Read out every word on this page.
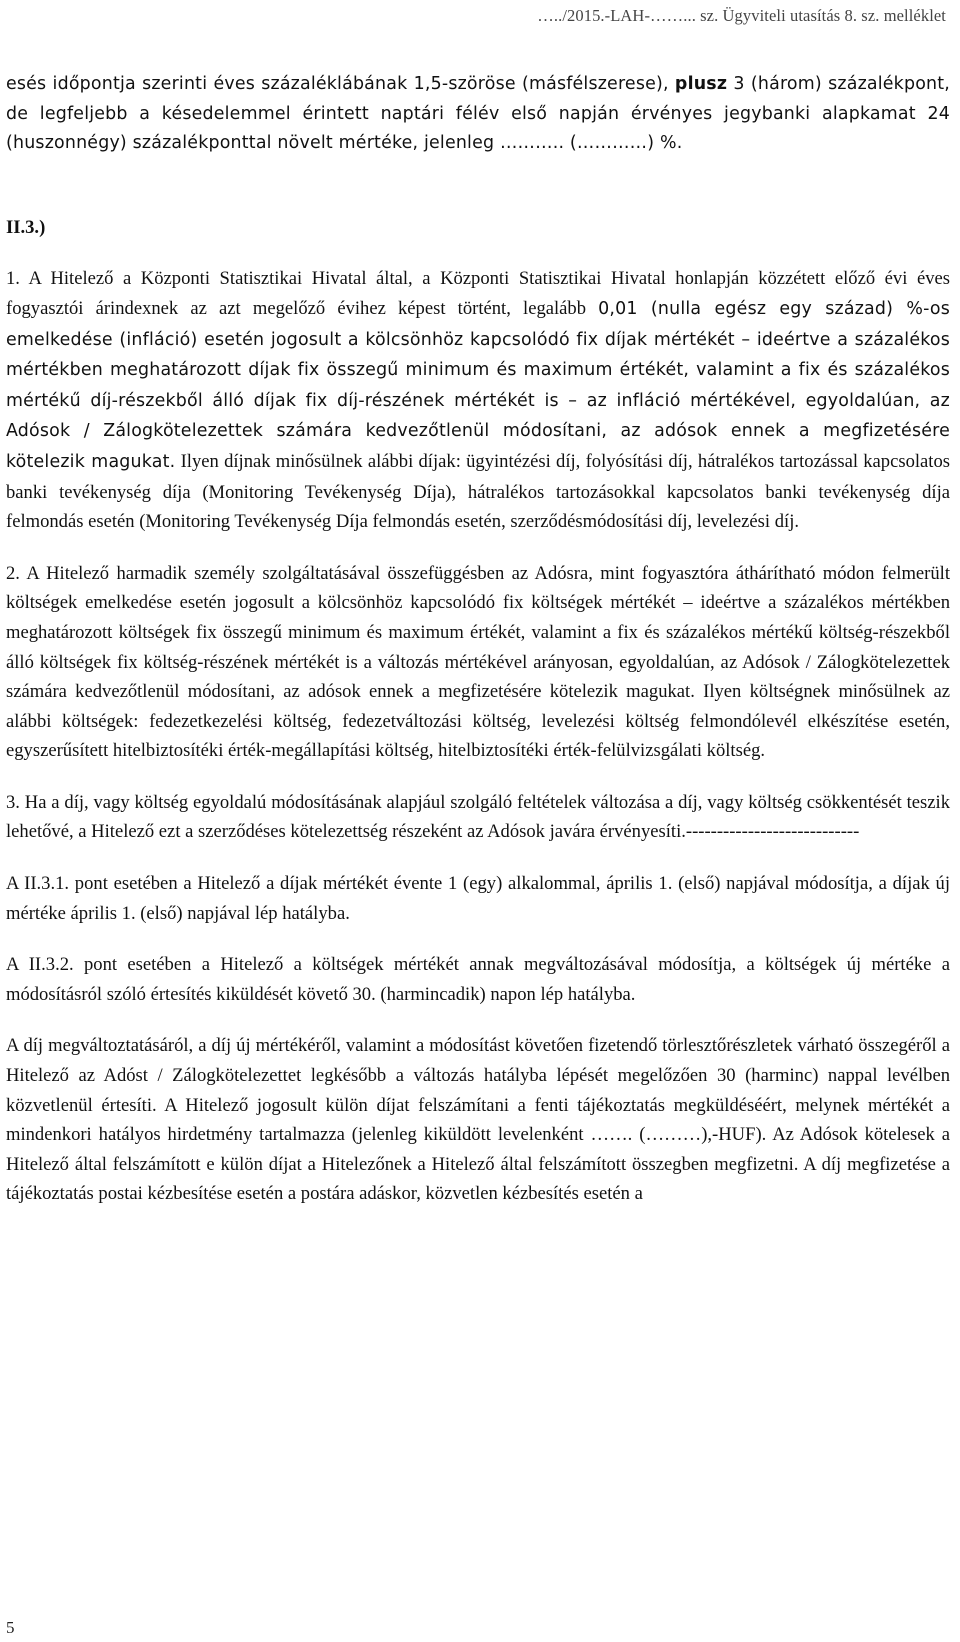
…../2015.-LAH-……... sz. Ügyviteli utasítás 8. sz. melléklet

esés időpontja szerinti éves százaléklábának 1,5-szöröse (másfélszerese), plusz 3 (három) százalékpont, de legfeljebb a késedelemmel érintett naptári félév első napján érvényes jegybanki alapkamat 24 (huszonnégy) százalékponttal növelt mértéke, jelenleg ……….. (…………) %.

II.3.)

1. A Hitelező a Központi Statisztikai Hivatal által, a Központi Statisztikai Hivatal honlapján közzétett előző évi éves fogyasztói árindexnek az azt megelőző évihez képest történt, legalább 0,01 (nulla egész egy század) %-os emelkedése (infláció) esetén jogosult a kölcsönhöz kapcsolódó fix díjak mértékét – ideértve a százalékos mértékben meghatározott díjak fix összegű minimum és maximum értékét, valamint a fix és százalékos mértékű díj-részekből álló díjak fix díj-részének mértékét is – az infláció mértékével, egyoldalúan, az Adósok / Zálogkötelezettek számára kedvezőtlenül módosítani, az adósok ennek a megfizetésére kötelezik magukat. Ilyen díjnak minősülnek alábbi díjak: ügyintézési díj, folyósítási díj, hátralékos tartozással kapcsolatos banki tevékenység díja (Monitoring Tevékenység Díja), hátralékos tartozásokkal kapcsolatos banki tevékenység díja felmondás esetén (Monitoring Tevékenység Díja felmondás esetén, szerződésmódosítási díj, levelezési díj.

2. A Hitelező harmadik személy szolgáltatásával összefüggésben az Adósra, mint fogyasztóra áthárítható módon felmerült költségek emelkedése esetén jogosult a kölcsönhöz kapcsolódó fix költségek mértékét – ideértve a százalékos mértékben meghatározott költségek fix összegű minimum és maximum értékét, valamint a fix és százalékos mértékű költség-részekből álló költségek fix költség-részének mértékét is a változás mértékével arányosan, egyoldalúan, az Adósok / Zálogkötelezettek számára kedvezőtlenül módosítani, az adósok ennek a megfizetésére kötelezik magukat. Ilyen költségnek minősülnek az alábbi költségek: fedezetkezelési költség, fedezetváltozási költség, levelezési költség felmondólevél elkészítése esetén, egyszerűsített hitelbiztosítéki érték-megállapítási költség, hitelbiztosítéki érték-felülvizsgálati költség.

3. Ha a díj, vagy költség egyoldalú módosításának alapjául szolgáló feltételek változása a díj, vagy költség csökkentését teszik lehetővé, a Hitelező ezt a szerződéses kötelezettség részeként az Adósok javára érvényesíti.----------------------------

A II.3.1. pont esetében a Hitelező a díjak mértékét évente 1 (egy) alkalommal, április 1. (első) napjával módosítja, a díjak új mértéke április 1. (első) napjával lép hatályba.

A II.3.2. pont esetében a Hitelező a költségek mértékét annak megváltozásával módosítja, a költségek új mértéke a módosításról szóló értesítés kiküldését követő 30. (harmincadik) napon lép hatályba.

A díj megváltoztatásáról, a díj új mértékéről, valamint a módosítást követően fizetendő törlesztőrészletek várható összegéről a Hitelező az Adóst / Zálogkötelezettet legkésőbb a változás hatályba lépését megelőzően 30 (harminc) nappal levélben közvetlenül értesíti. A Hitelező jogosult külön díjat felszámítani a fenti tájékoztatás megküldéséért, melynek mértékét a mindenkori hatályos hirdetmény tartalmazza (jelenleg kiküldött levelenként ……. (………),-HUF). Az Adósok kötelesek a Hitelező által felszámított e külön díjat a Hitelezőnek a Hitelező által felszámított összegben megfizetni. A díj megfizetése a tájékoztatás postai kézbesítése esetén a postára adáskor, közvetlen kézbesítés esetén a

5
